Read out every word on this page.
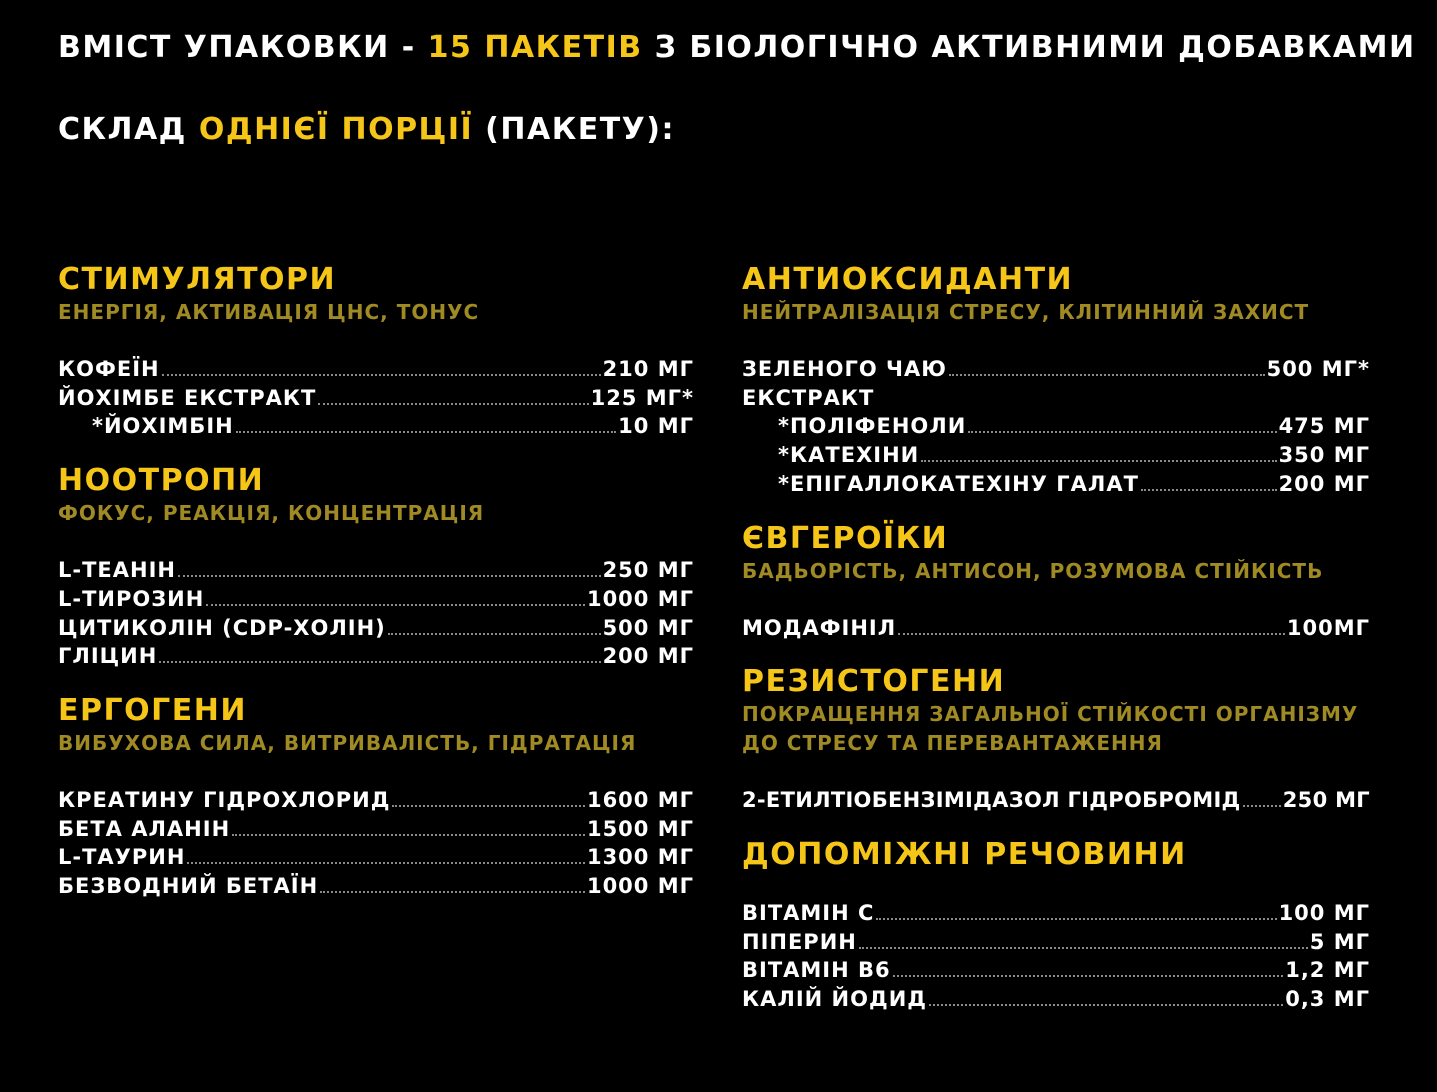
ВМІСТ УПАКОВКИ - 15 ПАКЕТІВ З БІОЛОГІЧНО АКТИВНИМИ ДОБАВКАМИ
СКЛАД ОДНІЄЇ ПОРЦІЇ (ПАКЕТУ):
СТИМУЛЯТОРИ
ЕНЕРГІЯ, АКТИВАЦІЯ ЦНС, ТОНУС
КОФЕЇН	210 МГ
ЙОХІМБЕ ЕКСТРАКТ	125 МГ*
*ЙОХІМБІН	10 МГ
НООТРОПИ
ФОКУС, РЕАКЦІЯ, КОНЦЕНТРАЦІЯ
L-ТЕАНІН	250 МГ
L-ТИРОЗИН	1000 МГ
ЦИТИКОЛІН (CDP-ХОЛІН)	500 МГ
ГЛІЦИН	200 МГ
ЕРГОГЕНИ
ВИБУХОВА СИЛА, ВИТРИВАЛІСТЬ, ГІДРАТАЦІЯ
КРЕАТИНУ ГІДРОХЛОРИД	1600 МГ
БЕТА АЛАНІН	1500 МГ
L-ТАУРИН	1300 МГ
БЕЗВОДНИЙ БЕТАЇН	1000 МГ
АНТИОКСИДАНТИ
НЕЙТРАЛІЗАЦІЯ СТРЕСУ, КЛІТИННИЙ ЗАХИСТ
ЗЕЛЕНОГО ЧАЮ	500 МГ*
ЕКСТРАКТ
*ПОЛІФЕНОЛИ	475 МГ
*КАТЕХІНИ	350 МГ
*ЕПІГАЛЛОКАТЕХІНУ ГАЛАТ	200 МГ
ЄВГЕРОЇКИ
БАДЬОРІСТЬ, АНТИСОН, РОЗУМОВА СТІЙКІСТЬ
МОДАФІНІЛ	100МГ
РЕЗИСТОГЕНИ
ПОКРАЩЕННЯ ЗАГАЛЬНОЇ СТІЙКОСТІ ОРГАНІЗМУ
ДО СТРЕСУ ТА ПЕРЕВАНТАЖЕННЯ
2-ЕТИЛТІОБЕНЗІМІДАЗОЛ ГІДРОБРОМІД 250 МГ
ДОПОМІЖНІ РЕЧОВИНИ
ВІТАМІН С	100 МГ
ПІПЕРИН	5 МГ
ВІТАМІН В6	1,2 МГ
КАЛІЙ ЙОДИД	0,3 МГ
